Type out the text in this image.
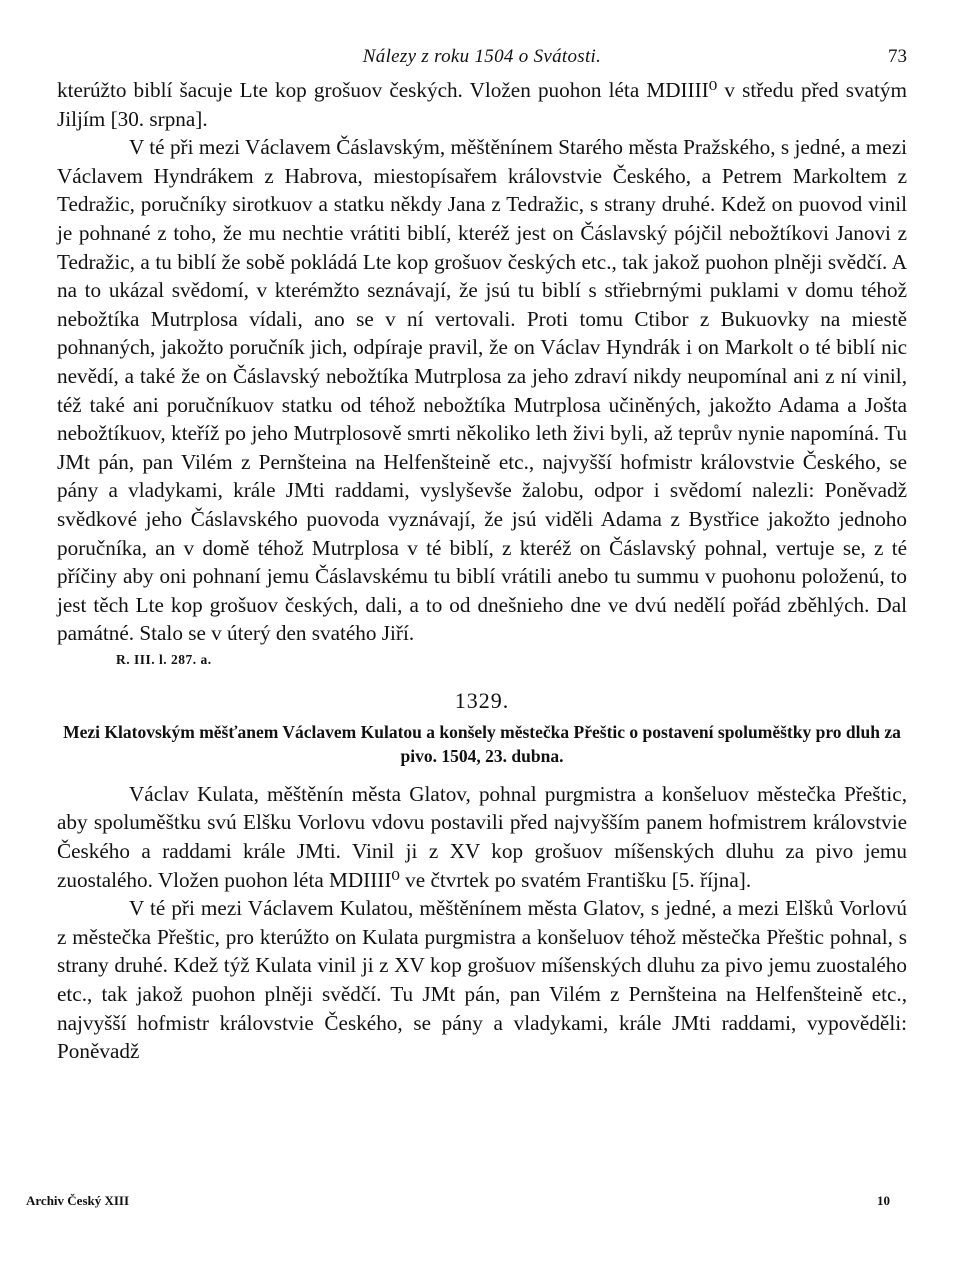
Nálezy z roku 1504 o Svátosti.	73

kterúžto biblí šacuje Lte kop grošuov českých. Vložen puohon léta MDIIII⁰ v středu před svatým Jiljím [30. srpna].

V té při mezi Václavem Čáslavským, měštěnínem Starého města Pražského, s jedné, a mezi Václavem Hyndrákem z Habrova, miestopísařem královstvie Českého, a Petrem Markoltem z Tedražic, poručníky sirotkuov a statku někdy Jana z Tedražic, s strany druhé. Kdež on puovod vinil je pohnané z toho, že mu nechtie vrátiti biblí, kteréž jest on Čáslavský pójčil nebožtíkovi Janovi z Tedražic, a tu biblí že sobě pokládá Lte kop grošuov českých etc., tak jakož puohon plněji svědčí. A na to ukázal svědomí, v kterémžto seznávají, že jsú tu biblí s střiebrnými puklami v domu téhož nebožtíka Mutrplosa vídali, ano se v ní vertovali. Proti tomu Ctibor z Bukuovky na miestě pohnaných, jakožto poručník jich, odpíraje pravil, že on Václav Hyndrák i on Markolt o té biblí nic nevědí, a také že on Čáslavský nebožtíka Mutrplosa za jeho zdraví nikdy neupomínal ani z ní vinil, též také ani poručníkuov statku od téhož nebožtíka Mutrplosa učiněných, jakožto Adama a Jošta nebožtíkuov, kteříž po jeho Mutrplosově smrti několiko leth živi byli, až teprův nynie napomíná. Tu JMt pán, pan Vilém z Pernšteina na Helfenšteině etc., najvyšší hofmistr královstvie Českého, se pány a vladykami, krále JMti raddami, vyslyševše žalobu, odpor i svědomí nalezli: Poněvadž svědkové jeho Čáslavského puovoda vyznávají, že jsú viděli Adama z Bystřice jakožto jednoho poručníka, an v domě téhož Mutrplosa v té biblí, z kteréž on Čáslavský pohnal, vertuje se, z té příčiny aby oni pohnaní jemu Čáslavskému tu biblí vrátili anebo tu summu v puohonu položenú, to jest těch Lte kop grošuov českých, dali, a to od dnešnieho dne ve dvú nedělí pořád zběhlých. Dal památné. Stalo se v úterý den svatého Jiří.

R. III. l. 287. a.
1329.
Mezi Klatovským měšťanem Václavem Kulatou a konšely městečka Přeštic o postavení spoluměštky pro dluh za pivo. 1504, 23. dubna.

Václav Kulata, měštěnín města Glatov, pohnal purgmistra a konšeluov městečka Přeštic, aby spoluměštku svú Elšku Vorlovu vdovu postavili před najvyšším panem hofmistrem královstvie Českého a raddami krále JMti. Vinil ji z XV kop grošuov míšenských dluhu za pivo jemu zuostalého. Vložen puohon léta MDIIII⁰ ve čtvrtek po svatém Františku [5. října].

V té při mezi Václavem Kulatou, měštěnínem města Glatov, s jedné, a mezi Elšků Vorlovú z městečka Přeštic, pro kterúžto on Kulata purgmistra a konšeluov téhož městečka Přeštic pohnal, s strany druhé. Kdež týž Kulata vinil ji z XV kop grošuov míšenských dluhu za pivo jemu zuostalého etc., tak jakož puohon plněji svědčí. Tu JMt pán, pan Vilém z Pernšteina na Helfenšteině etc., najvyšší hofmistr královstvie Českého, se pány a vladykami, krále JMti raddami, vypověděli: Poněvadž

Archiv Český XIII	10
